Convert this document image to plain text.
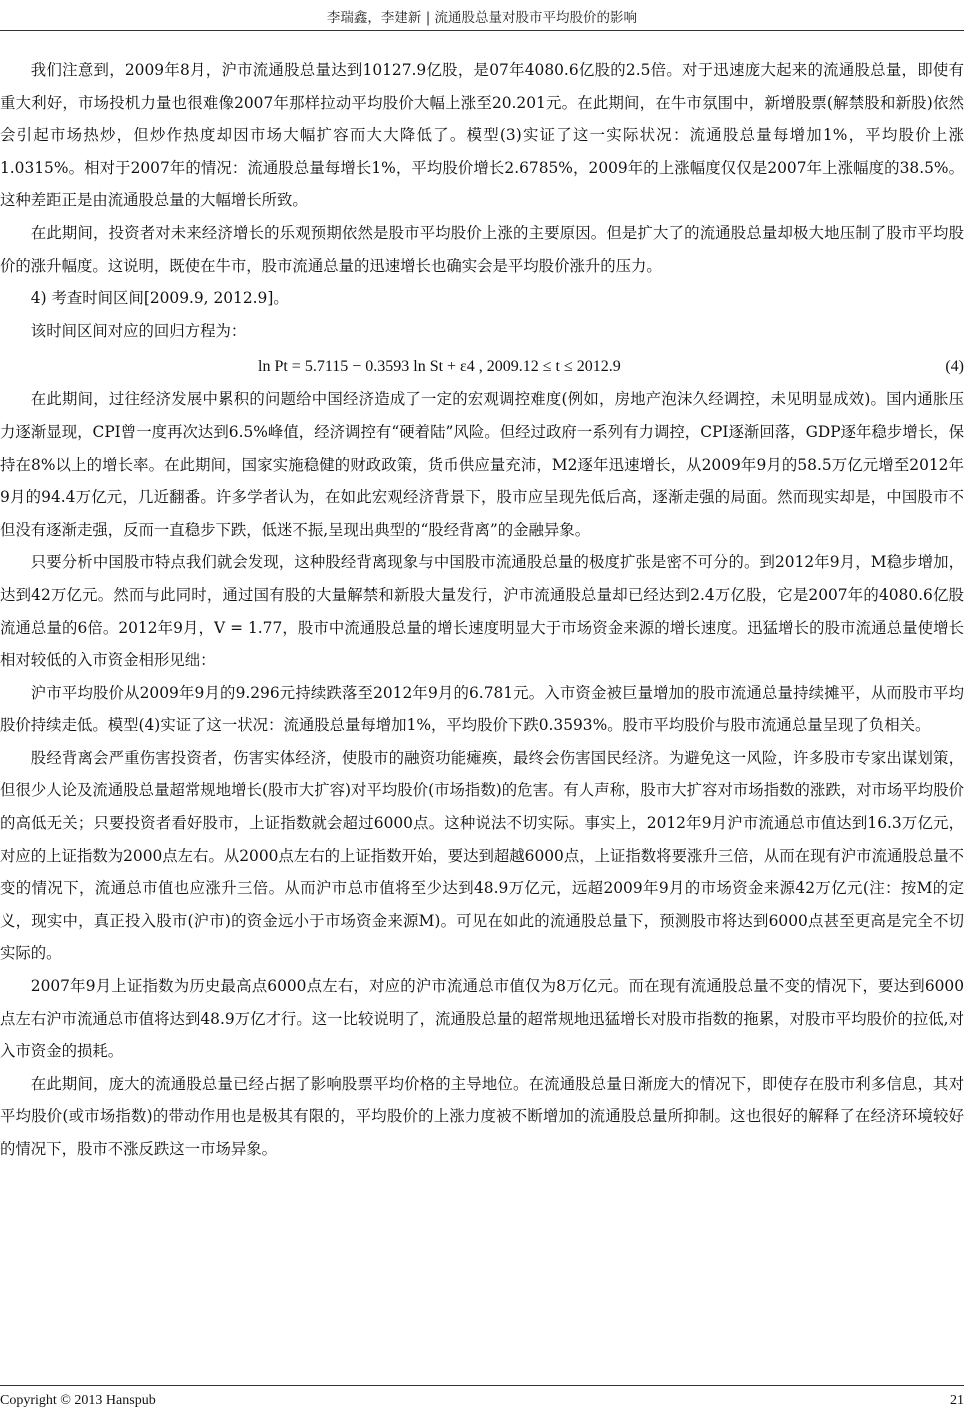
李瑞鑫，李建新 | 流通股总量对股市平均股价的影响

我们注意到，2009年8月，沪市流通股总量达到10127.9亿股，是07年4080.6亿股的2.5倍。对于迅速庞大起来的流通股总量，即使有重大利好，市场投机力量也很难像2007年那样拉动平均股价大幅上涨至20.201元。在此期间，在牛市氛围中，新增股票(解禁股和新股)依然会引起市场热炒，但炒作热度却因市场大幅扩容而大大降低了。模型(3)实证了这一实际状况：流通股总量每增加1%，平均股价上涨1.0315%。相对于2007年的情况：流通股总量每增长1%，平均股价增长2.6785%，2009年的上涨幅度仅仅是2007年上涨幅度的38.5%。这种差距正是由流通股总量的大幅增长所致。

在此期间，投资者对未来经济增长的乐观预期依然是股市平均股价上涨的主要原因。但是扩大了的流通股总量却极大地压制了股市平均股价的涨升幅度。这说明，既使在牛市，股市流通总量的迅速增长也确实会是平均股价涨升的压力。

4) 考查时间区间[2009.9, 2012.9]。

该时间区间对应的回归方程为：

ln Pt = 5.7115 − 0.3593 ln St + ε4 , 2009.12 ≤ t ≤ 2012.9	(4)

在此期间，过往经济发展中累积的问题给中国经济造成了一定的宏观调控难度(例如，房地产泡沫久经调控，未见明显成效)。国内通胀压力逐渐显现，CPI曾一度再次达到6.5%峰值，经济调控有“硬着陆”风险。但经过政府一系列有力调控，CPI逐渐回落，GDP逐年稳步增长，保持在8%以上的增长率。在此期间，国家实施稳健的财政政策，货币供应量充沛，M2逐年迅速增长，从2009年9月的58.5万亿元增至2012年9月的94.4万亿元，几近翻番。许多学者认为，在如此宏观经济背景下，股市应呈现先低后高，逐渐走强的局面。然而现实却是，中国股市不但没有逐渐走强，反而一直稳步下跌，低迷不振,呈现出典型的“股经背离”的金融异象。

只要分析中国股市特点我们就会发现，这种股经背离现象与中国股市流通股总量的极度扩张是密不可分的。到2012年9月，M稳步增加，达到42万亿元。然而与此同时，通过国有股的大量解禁和新股大量发行，沪市流通股总量却已经达到2.4万亿股，它是2007年的4080.6亿股流通总量的6倍。2012年9月，V = 1.77，股市中流通股总量的增长速度明显大于市场资金来源的增长速度。迅猛增长的股市流通总量使增长相对较低的入市资金相形见绌：

沪市平均股价从2009年9月的9.296元持续跌落至2012年9月的6.781元。入市资金被巨量增加的股市流通总量持续摊平，从而股市平均股价持续走低。模型(4)实证了这一状况：流通股总量每增加1%，平均股价下跌0.3593%。股市平均股价与股市流通总量呈现了负相关。

股经背离会严重伤害投资者，伤害实体经济，使股市的融资功能瘫痪，最终会伤害国民经济。为避免这一风险，许多股市专家出谋划策，但很少人论及流通股总量超常规地增长(股市大扩容)对平均股价(市场指数)的危害。有人声称，股市大扩容对市场指数的涨跌，对市场平均股价的高低无关；只要投资者看好股市，上证指数就会超过6000点。这种说法不切实际。事实上，2012年9月沪市流通总市值达到16.3万亿元，对应的上证指数为2000点左右。从2000点左右的上证指数开始，要达到超越6000点，上证指数将要涨升三倍，从而在现有沪市流通股总量不变的情况下，流通总市值也应涨升三倍。从而沪市总市值将至少达到48.9万亿元，远超2009年9月的市场资金来源42万亿元(注：按M的定义，现实中，真正投入股市(沪市)的资金远小于市场资金来源M)。可见在如此的流通股总量下，预测股市将达到6000点甚至更高是完全不切实际的。

2007年9月上证指数为历史最高点6000点左右，对应的沪市流通总市值仅为8万亿元。而在现有流通股总量不变的情况下，要达到6000点左右沪市流通总市值将达到48.9万亿才行。这一比较说明了，流通股总量的超常规地迅猛增长对股市指数的拖累，对股市平均股价的拉低,对入市资金的损耗。

在此期间，庞大的流通股总量已经占据了影响股票平均价格的主导地位。在流通股总量日渐庞大的情况下，即使存在股市利多信息，其对平均股价(或市场指数)的带动作用也是极其有限的，平均股价的上涨力度被不断增加的流通股总量所抑制。这也很好的解释了在经济环境较好的情况下，股市不涨反跌这一市场异象。

Copyright © 2013 Hanspub	21
